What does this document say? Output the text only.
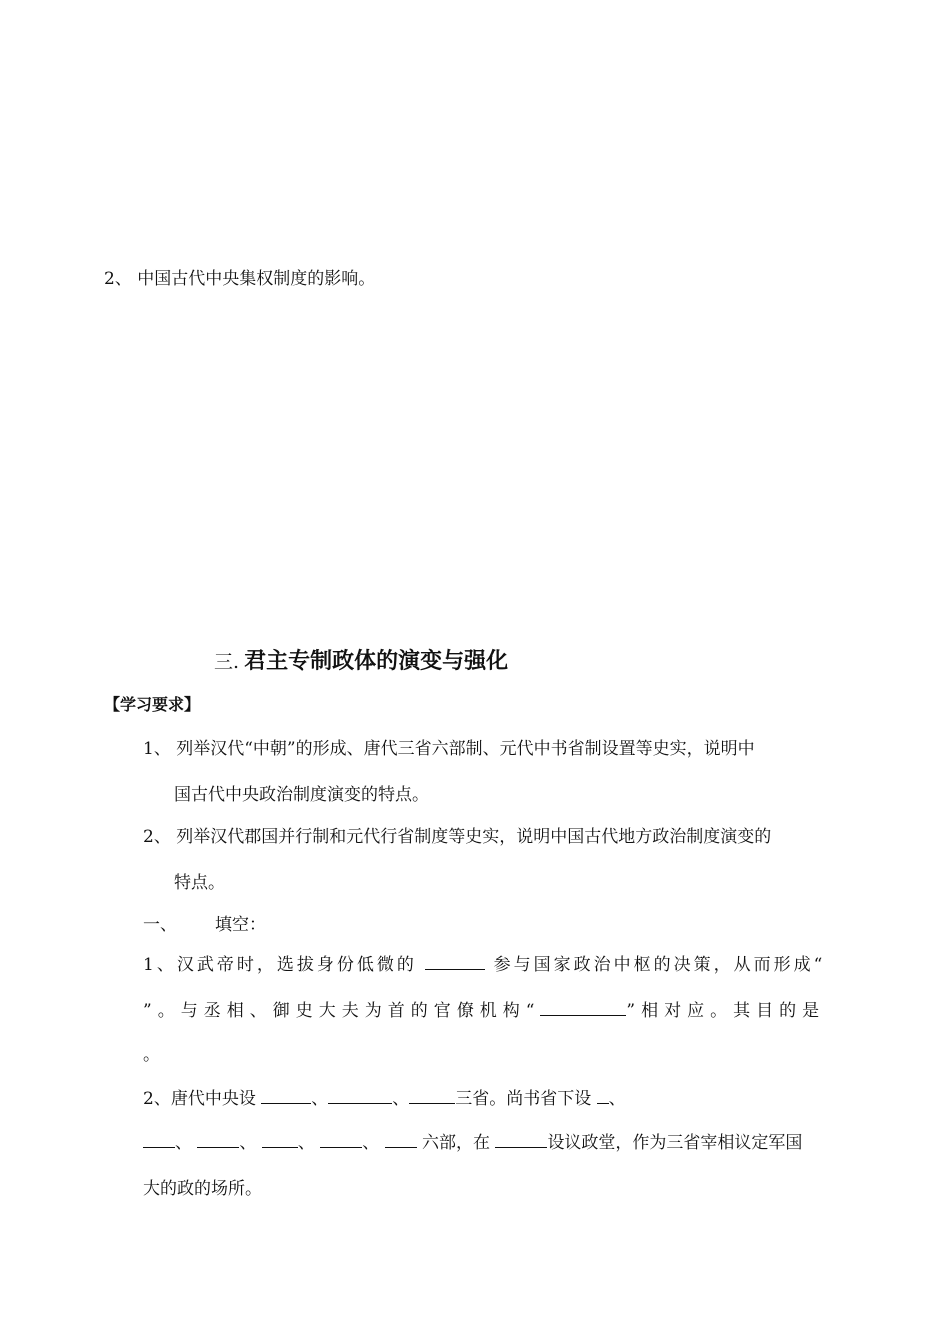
2、 中国古代中央集权制度的影响。
三. 君主专制政体的演变与强化
【学习要求】
1、 列举汉代“中朝”的形成、唐代三省六部制、元代中书省制设置等史实，说明中
国古代中央政治制度演变的特点。
2、 列举汉代郡国并行制和元代行省制度等史实，说明中国古代地方政治制度演变的
特点。
一、 填空：
1、汉武帝时，选拔身份低微的	参与国家政治中枢的决策，从而形成“
”。与丞相、御史大夫为首的官僚机构“	”相对应。其目的是
。
2、唐代中央设	、	、	三省。尚书省下设 、
、	、 、	、	六部，在	设议政堂，作为三省宰相议定军国
大的政的场所。
